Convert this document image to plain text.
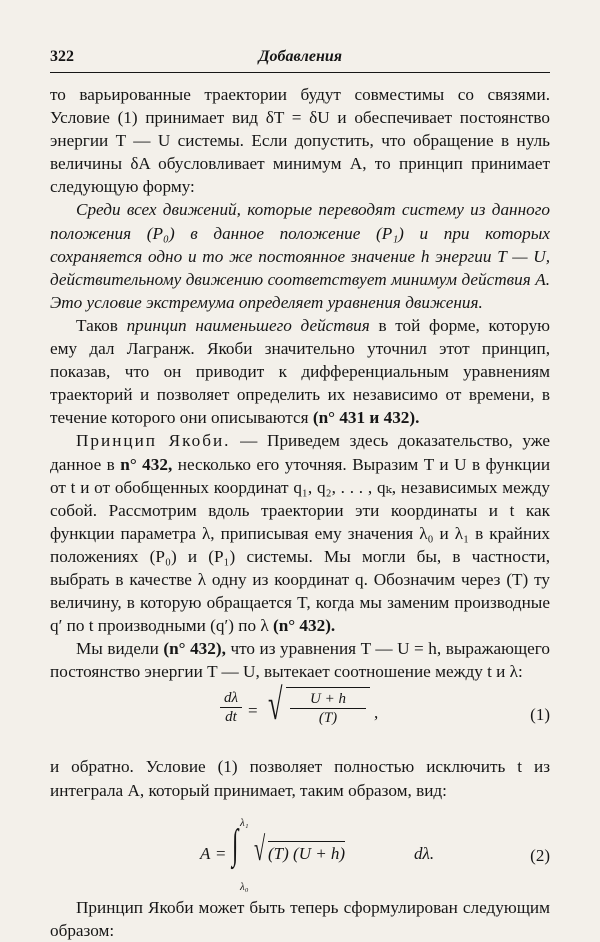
322	Добавления

то варьированные траектории будут совместимы со связями. Условие (1) принимает вид δT = δU и обеспечивает постоянство энергии T — U системы. Если допустить, что обращение в нуль величины δA обусловливает минимум A, то принцип принимает следующую форму:

Среди всех движений, которые переводят систему из данного положения (P₀) в данное положение (P₁) и при которых сохраняется одно и то же постоянное значение h энергии T — U, действительному движению соответствует минимум действия A. Это условие экстремума определяет уравнения движения.

Таков принцип наименьшего действия в той форме, которую ему дал Лагранж. Якоби значительно уточнил этот принцип, показав, что он приводит к дифференциальным уравнениям траекторий и позволяет определить их независимо от времени, в течение которого они описываются (n° 431 и 432).

Принцип Якоби. — Приведем здесь доказательство, уже данное в n° 432, несколько его уточняя. Выразим T и U в функции от t и от обобщенных координат q₁, q₂, . . . , qₖ, независимых между собой. Рассмотрим вдоль траектории эти координаты и t как функции параметра λ, приписывая ему значения λ₀ и λ₁ в крайних положениях (P₀) и (P₁) системы. Мы могли бы, в частности, выбрать в качестве λ одну из координат q. Обозначим через (T) ту величину, в которую обращается T, когда мы заменим производные q′ по t производными (q′) по λ (n° 432).

Мы видели (n° 432), что из уравнения T — U = h, выражающего постоянство энергии T — U, вытекает соотношение между t и λ:

$\frac{d\lambda}{dt}$ = √ $\frac{U + h}{(T)}$ ,	(1)

и обратно. Условие (1) позволяет полностью исключить t из интеграла A, который принимает, таким образом, вид:

A = ∫ λ₁
λ₀
√ (T) (U + h)	dλ.	(2)

Принцип Якоби может быть теперь сформулирован следующим образом:
